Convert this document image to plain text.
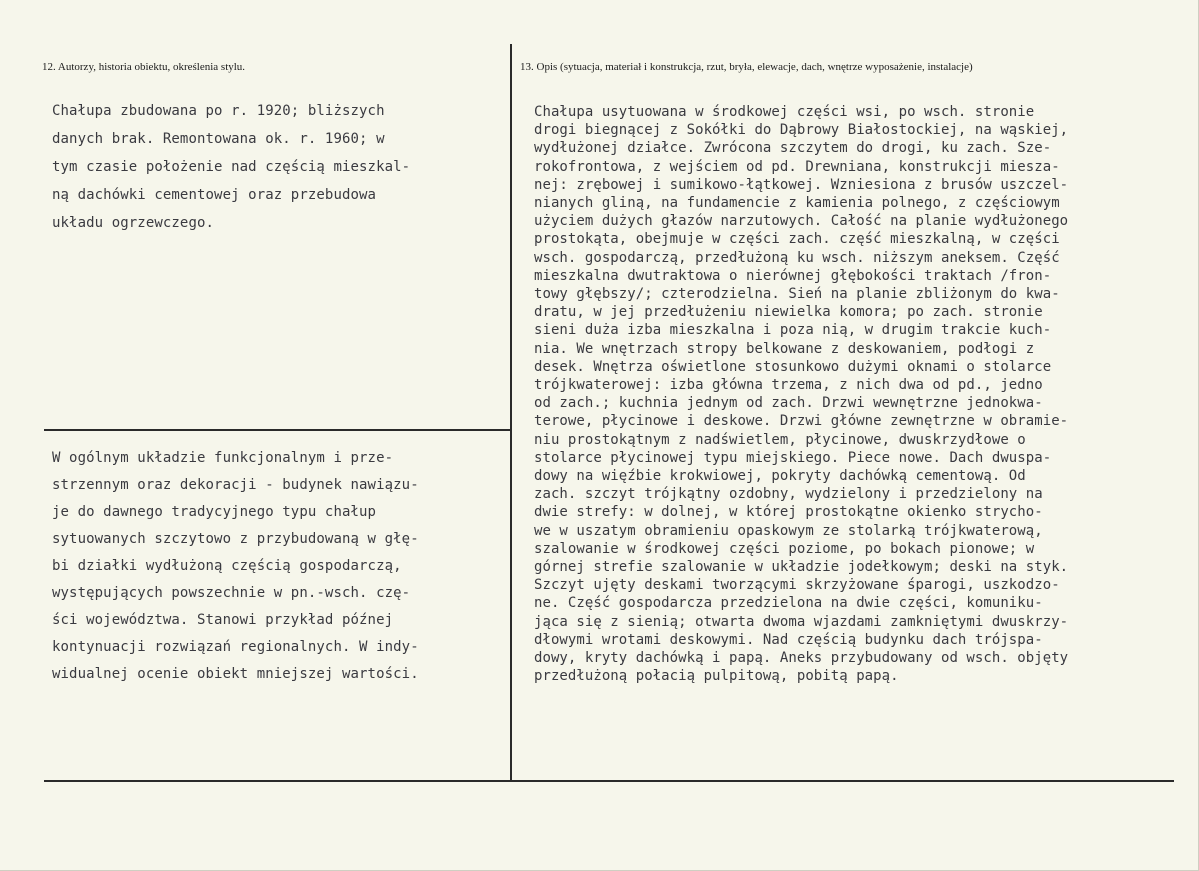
12. Autorzy, historia obiektu, określenia stylu.	13. Opis (sytuacja, materiał i konstrukcja, rzut, bryła, elewacje, dach, wnętrze wyposażenie, instalacje)
Chałupa zbudowana po r. 1920; bliższych
danych brak. Remontowana ok. r. 1960; w
tym czasie położenie nad częścią mieszkal-
ną dachówki cementowej oraz przebudowa
układu ogrzewczego.
W ogólnym układzie funkcjonalnym i prze-
strzennym oraz dekoracji - budynek nawiązu-
je do dawnego tradycyjnego typu chałup
sytuowanych szczytowo z przybudowaną w głę-
bi działki wydłużoną częścią gospodarczą,
występujących powszechnie w pn.-wsch. czę-
ści województwa. Stanowi przykład późnej
kontynuacji rozwiązań regionalnych. W indy-
widualnej ocenie obiekt mniejszej wartości.
Chałupa usytuowana w środkowej części wsi, po wsch. stronie
drogi biegnącej z Sokółki do Dąbrowy Białostockiej, na wąskiej,
wydłużonej działce. Zwrócona szczytem do drogi, ku zach. Sze-
rokofrontowa, z wejściem od pd. Drewniana, konstrukcji miesza-
nej: zrębowej i sumikowo-łątkowej. Wzniesiona z brusów uszczel-
nianych gliną, na fundamencie z kamienia polnego, z częściowym
użyciem dużych głazów narzutowych. Całość na planie wydłużonego
prostokąta, obejmuje w części zach. część mieszkalną, w części
wsch. gospodarczą, przedłużoną ku wsch. niższym aneksem. Część
mieszkalna dwutraktowa o nierównej głębokości traktach /fron-
towy głębszy/; czterodzielna. Sień na planie zbliżonym do kwa-
dratu, w jej przedłużeniu niewielka komora; po zach. stronie
sieni duża izba mieszkalna i poza nią, w drugim trakcie kuch-
nia. We wnętrzach stropy belkowane z deskowaniem, podłogi z
desek. Wnętrza oświetlone stosunkowo dużymi oknami o stolarce
trójkwaterowej: izba główna trzema, z nich dwa od pd., jedno
od zach.; kuchnia jednym od zach. Drzwi wewnętrzne jednokwa-
terowe, płycinowe i deskowe. Drzwi główne zewnętrzne w obramie-
niu prostokątnym z nadświetlem, płycinowe, dwuskrzydłowe o
stolarce płycinowej typu miejskiego. Piece nowe. Dach dwuspa-
dowy na więźbie krokwiowej, pokryty dachówką cementową. Od
zach. szczyt trójkątny ozdobny, wydzielony i przedzielony na
dwie strefy: w dolnej, w której prostokątne okienko strycho-
we w uszatym obramieniu opaskowym ze stolarką trójkwaterową,
szalowanie w środkowej części poziome, po bokach pionowe; w
górnej strefie szalowanie w układzie jodełkowym; deski na styk.
Szczyt ujęty deskami tworzącymi skrzyżowane śparogi, uszkodzo-
ne. Część gospodarcza przedzielona na dwie części, komuniku-
jąca się z sienią; otwarta dwoma wjazdami zamkniętymi dwuskrzy-
dłowymi wrotami deskowymi. Nad częścią budynku dach trójspa-
dowy, kryty dachówką i papą. Aneks przybudowany od wsch. objęty
przedłużoną połacią pulpitową, pobitą papą.
